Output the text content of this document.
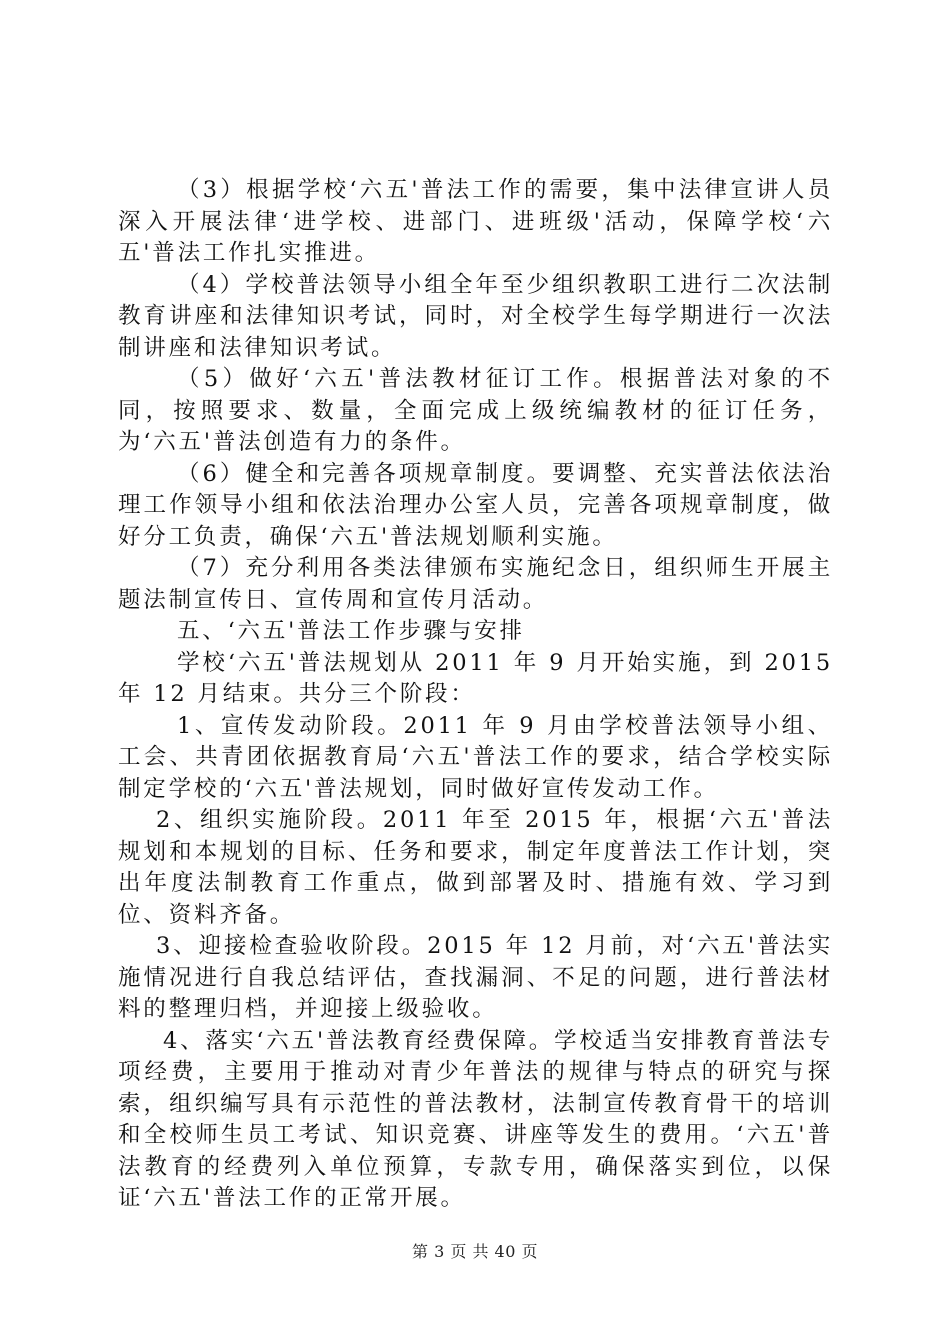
（3）根据学校‘六五'普法工作的需要，集中法律宣讲人员深入开展法律‘进学校、进部门、进班级'活动，保障学校‘六五'普法工作扎实推进。

（4）学校普法领导小组全年至少组织教职工进行二次法制教育讲座和法律知识考试，同时，对全校学生每学期进行一次法制讲座和法律知识考试。

（5）做好‘六五'普法教材征订工作。根据普法对象的不同，按照要求、数量，全面完成上级统编教材的征订任务，为‘六五'普法创造有力的条件。

（6）健全和完善各项规章制度。要调整、充实普法依法治理工作领导小组和依法治理办公室人员，完善各项规章制度，做好分工负责，确保‘六五'普法规划顺利实施。

（7）充分利用各类法律颁布实施纪念日，组织师生开展主题法制宣传日、宣传周和宣传月活动。

五、‘六五'普法工作步骤与安排

学校‘六五'普法规划从 2011 年 9 月开始实施，到 2015 年 12 月结束。共分三个阶段：

1、宣传发动阶段。2011 年 9 月由学校普法领导小组、工会、共青团依据教育局‘六五'普法工作的要求，结合学校实际制定学校的‘六五'普法规划，同时做好宣传发动工作。

2、组织实施阶段。2011 年至 2015 年，根据‘六五'普法规划和本规划的目标、任务和要求，制定年度普法工作计划，突出年度法制教育工作重点，做到部署及时、措施有效、学习到位、资料齐备。

3、迎接检查验收阶段。2015 年 12 月前，对‘六五'普法实施情况进行自我总结评估，查找漏洞、不足的问题，进行普法材料的整理归档，并迎接上级验收。

4、落实‘六五'普法教育经费保障。学校适当安排教育普法专项经费，主要用于推动对青少年普法的规律与特点的研究与探索，组织编写具有示范性的普法教材，法制宣传教育骨干的培训和全校师生员工考试、知识竞赛、讲座等发生的费用。‘六五'普法教育的经费列入单位预算，专款专用，确保落实到位，以保证‘六五'普法工作的正常开展。

第 3 页 共 40 页
